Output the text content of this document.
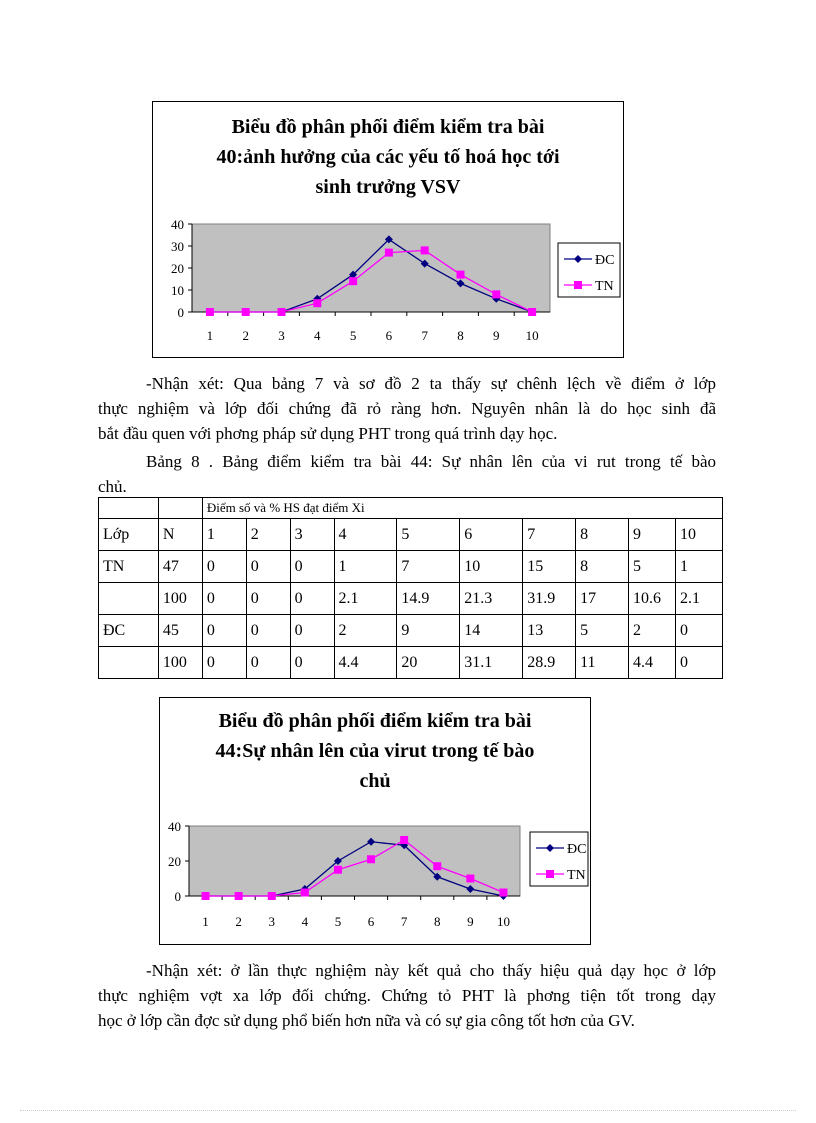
Biểu đồ phân phối điểm kiểm tra bài
40:ảnh hưởng của các yếu tố hoá học tới
sinh trưởng VSV
40
30
20
10
0
1 2 3 4 5 6 7 8 9 10
ĐC
TN
-Nhận xét: Qua bảng 7 và sơ đồ 2 ta thấy sự chênh lệch về điểm ở lớp
thực nghiệm và lớp đối chứng đã rỏ ràng hơn. Nguyên nhân là do học sinh đã
bắt đầu quen với phơng pháp sử dụng PHT trong quá trình dạy học.
Bảng 8 . Bảng điểm kiểm tra bài 44: Sự nhân lên của vi rut trong tế bào
chủ.
		Điểm số và % HS đạt điểm Xi									
Lớp	N	1	2	3	4	5	6	7	8	9	10
TN	47	0	0	0	1	7	10	15	8	5	1
	100	0	0	0	2.1	14.9	21.3	31.9	17	10.6	2.1
ĐC	45	0	0	0	2	9	14	13	5	2	0
	100	0	0	0	4.4	20	31.1	28.9	11	4.4	0
Biểu đồ phân phối điểm kiểm tra bài
44:Sự nhân lên của virut trong tế bào
chủ
40
20
0
1 2 3 4 5 6 7 8 9 10
ĐC
TN
-Nhận xét: ở lần thực nghiệm này kết quả cho thấy hiệu quả dạy học ở lớp
thực nghiệm vợt xa lớp đối chứng. Chứng tỏ PHT là phơng tiện tốt trong dạy
học ở lớp cần đợc sử dụng phổ biến hơn nữa và có sự gia công tốt hơn của GV.
